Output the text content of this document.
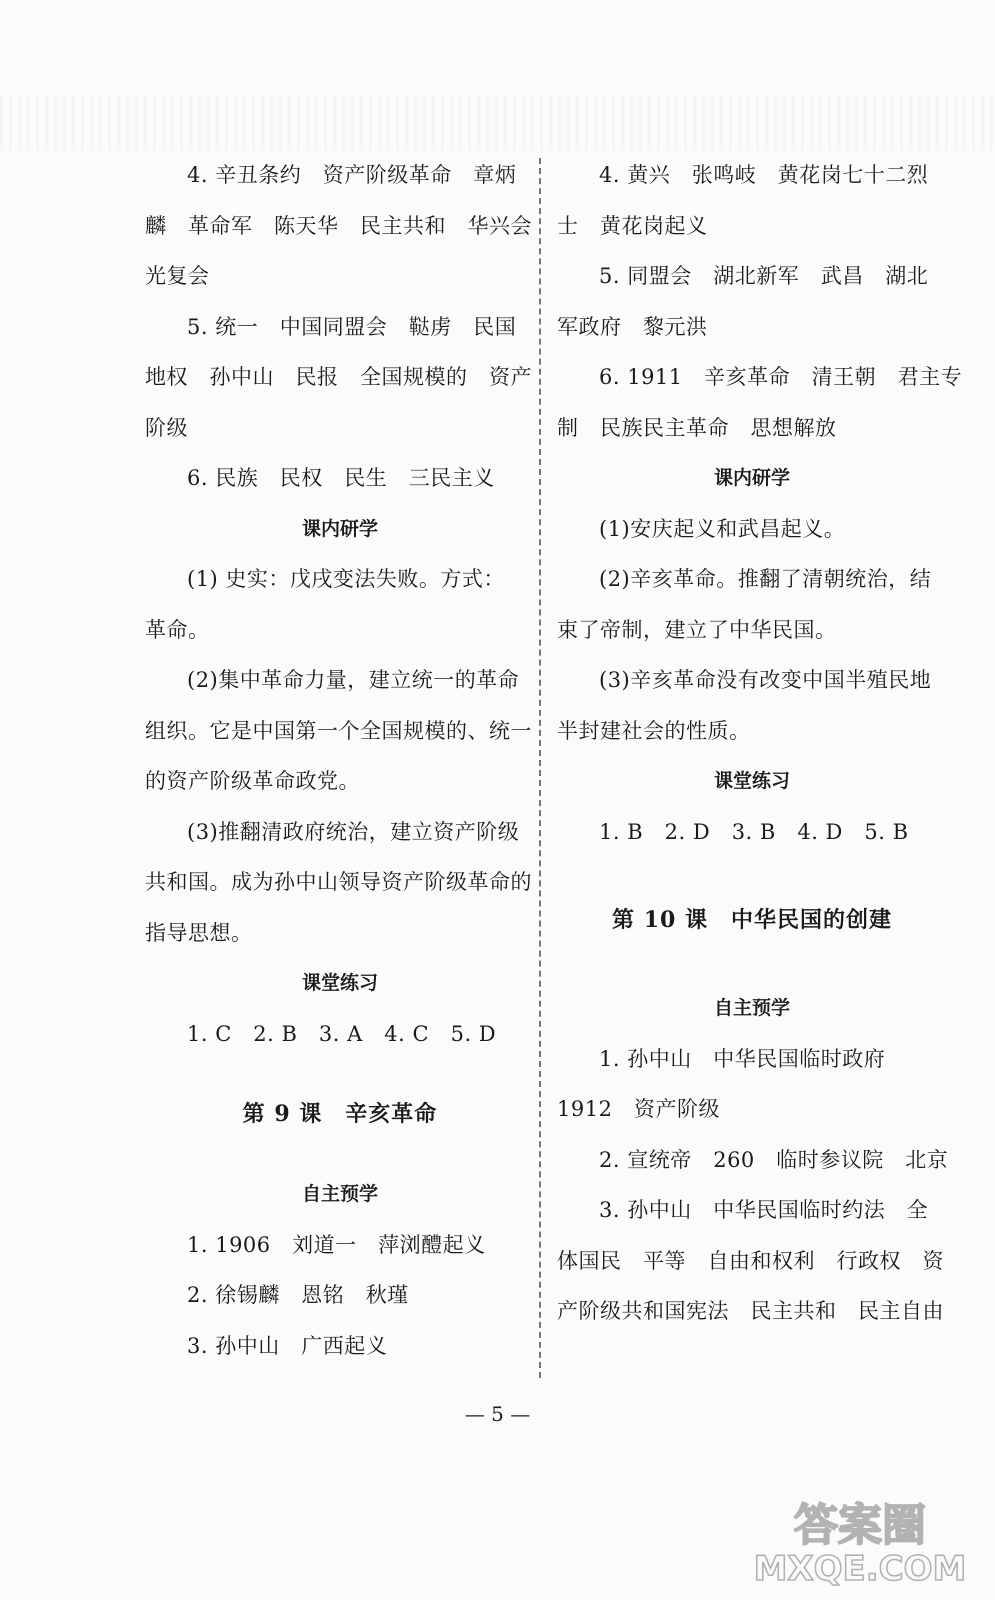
4. 辛丑条约　资产阶级革命　章炳
麟　革命军　陈天华　民主共和　华兴会
光复会
5. 统一　中国同盟会　鞑虏　民国
地权　孙中山　民报　全国规模的　资产
阶级
6. 民族　民权　民生　三民主义
课内研学
(1) 史实：戊戌变法失败。方式：
革命。
(2)集中革命力量，建立统一的革命
组织。它是中国第一个全国规模的、统一
的资产阶级革命政党。
(3)推翻清政府统治，建立资产阶级
共和国。成为孙中山领导资产阶级革命的
指导思想。
课堂练习
1. C　2. B　3. A　4. C　5. D
第 9 课　辛亥革命
自主预学
1. 1906　刘道一　萍浏醴起义
2. 徐锡麟　恩铭　秋瑾
3. 孙中山　广西起义
4. 黄兴　张鸣岐　黄花岗七十二烈
士　黄花岗起义
5. 同盟会　湖北新军　武昌　湖北
军政府　黎元洪
6. 1911　辛亥革命　清王朝　君主专
制　民族民主革命　思想解放
课内研学
(1)安庆起义和武昌起义。
(2)辛亥革命。推翻了清朝统治，结
束了帝制，建立了中华民国。
(3)辛亥革命没有改变中国半殖民地
半封建社会的性质。
课堂练习
1. B　2. D　3. B　4. D　5. B
第 10 课　中华民国的创建
自主预学
1. 孙中山　中华民国临时政府
1912　资产阶级
2. 宣统帝　260　临时参议院　北京
3. 孙中山　中华民国临时约法　全
体国民　平等　自由和权利　行政权　资
产阶级共和国宪法　民主共和　民主自由
— 5 —
答案圈
MXQE.COM
